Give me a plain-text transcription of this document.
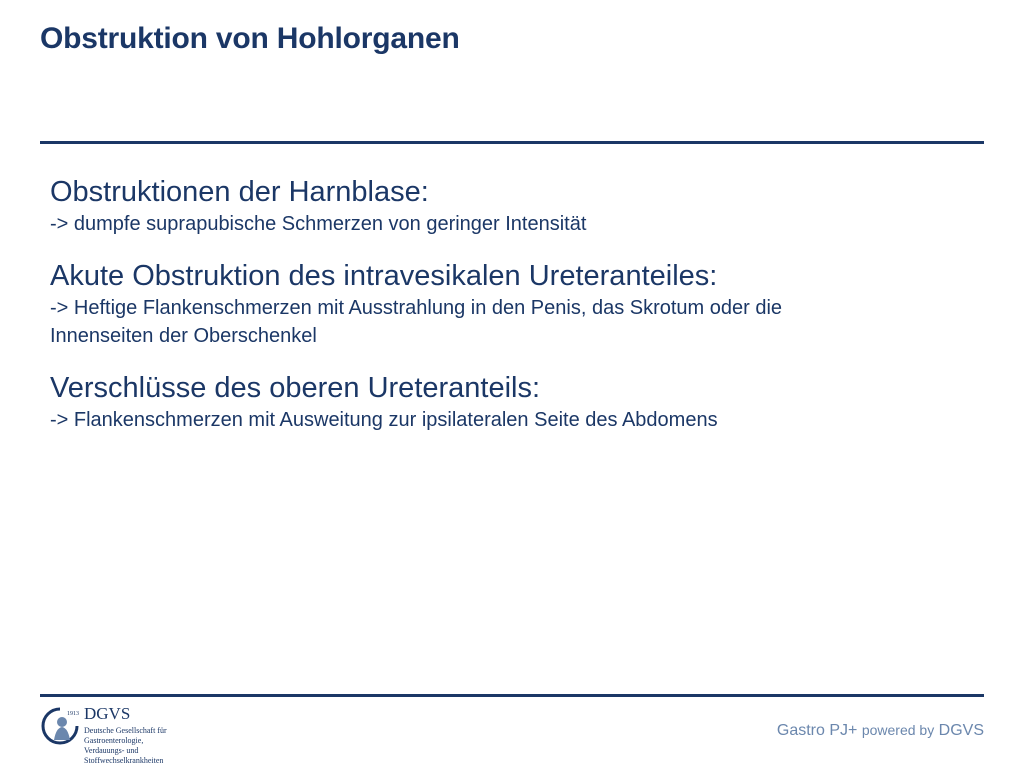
Obstruktion von Hohlorganen

Obstruktionen der Harnblase:

-> dumpfe suprapubische Schmerzen von geringer Intensität

Akute Obstruktion des intravesikalen Ureteranteiles:

-> Heftige Flankenschmerzen mit Ausstrahlung in den Penis, das Skrotum oder die

Innenseiten der Oberschenkel

Verschlüsse des oberen Ureteranteils:

-> Flankenschmerzen mit Ausweitung zur ipsilateralen Seite des Abdomens

1913 DGVS
Deutsche Gesellschaft für
Gastroenterologie,
Verdauungs- und
Stoffwechselkrankheiten
Gastro PJ+ powered by DGVS
